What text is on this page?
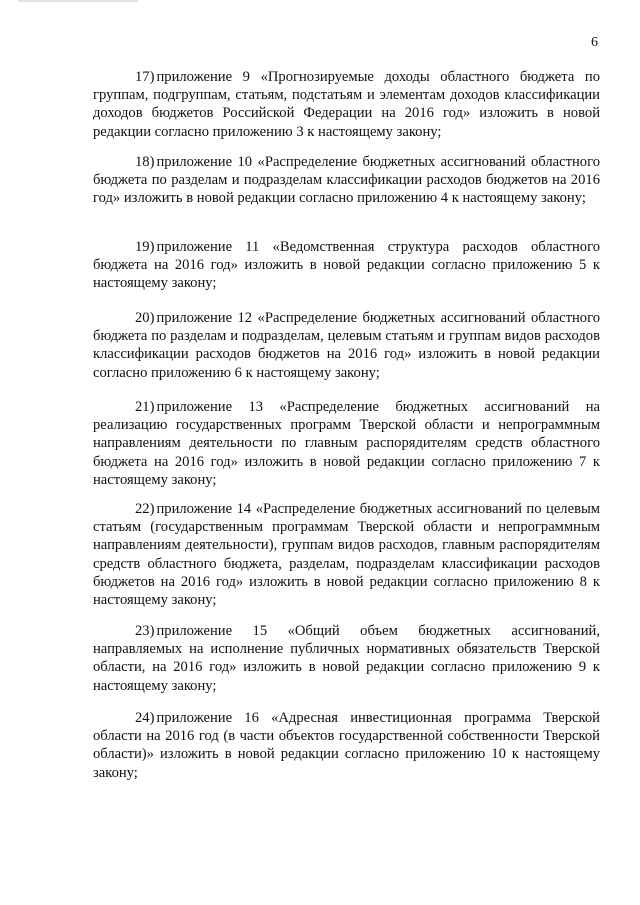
6

17) приложение 9 «Прогнозируемые доходы областного бюджета по группам, подгруппам, статьям, подстатьям и элементам доходов классификации доходов бюджетов Российской Федерации на 2016 год» изложить в новой редакции согласно приложению 3 к настоящему закону;

18) приложение 10 «Распределение бюджетных ассигнований областного бюджета по разделам и подразделам классификации расходов бюджетов на 2016 год» изложить в новой редакции согласно приложению 4 к настоящему закону;

19) приложение 11 «Ведомственная структура расходов областного бюджета на 2016 год» изложить в новой редакции согласно приложению 5 к настоящему закону;

20) приложение 12 «Распределение бюджетных ассигнований областного бюджета по разделам и подразделам, целевым статьям и группам видов расходов классификации расходов бюджетов на 2016 год» изложить в новой редакции согласно приложению 6 к настоящему закону;

21) приложение 13 «Распределение бюджетных ассигнований на реализацию государственных программ Тверской области и непрограммным направлениям деятельности по главным распорядителям средств областного бюджета на 2016 год» изложить в новой редакции согласно приложению 7 к настоящему закону;

22) приложение 14 «Распределение бюджетных ассигнований по целевым статьям (государственным программам Тверской области и непрограммным направлениям деятельности), группам видов расходов, главным распорядителям средств областного бюджета, разделам, подразделам классификации расходов бюджетов на 2016 год» изложить в новой редакции согласно приложению 8 к настоящему закону;

23) приложение 15 «Общий объем бюджетных ассигнований, направляемых на исполнение публичных нормативных обязательств Тверской области, на 2016 год» изложить в новой редакции согласно приложению 9 к настоящему закону;

24) приложение 16 «Адресная инвестиционная программа Тверской области на 2016 год (в части объектов государственной собственности Тверской области)» изложить в новой редакции согласно приложению 10 к настоящему закону;
